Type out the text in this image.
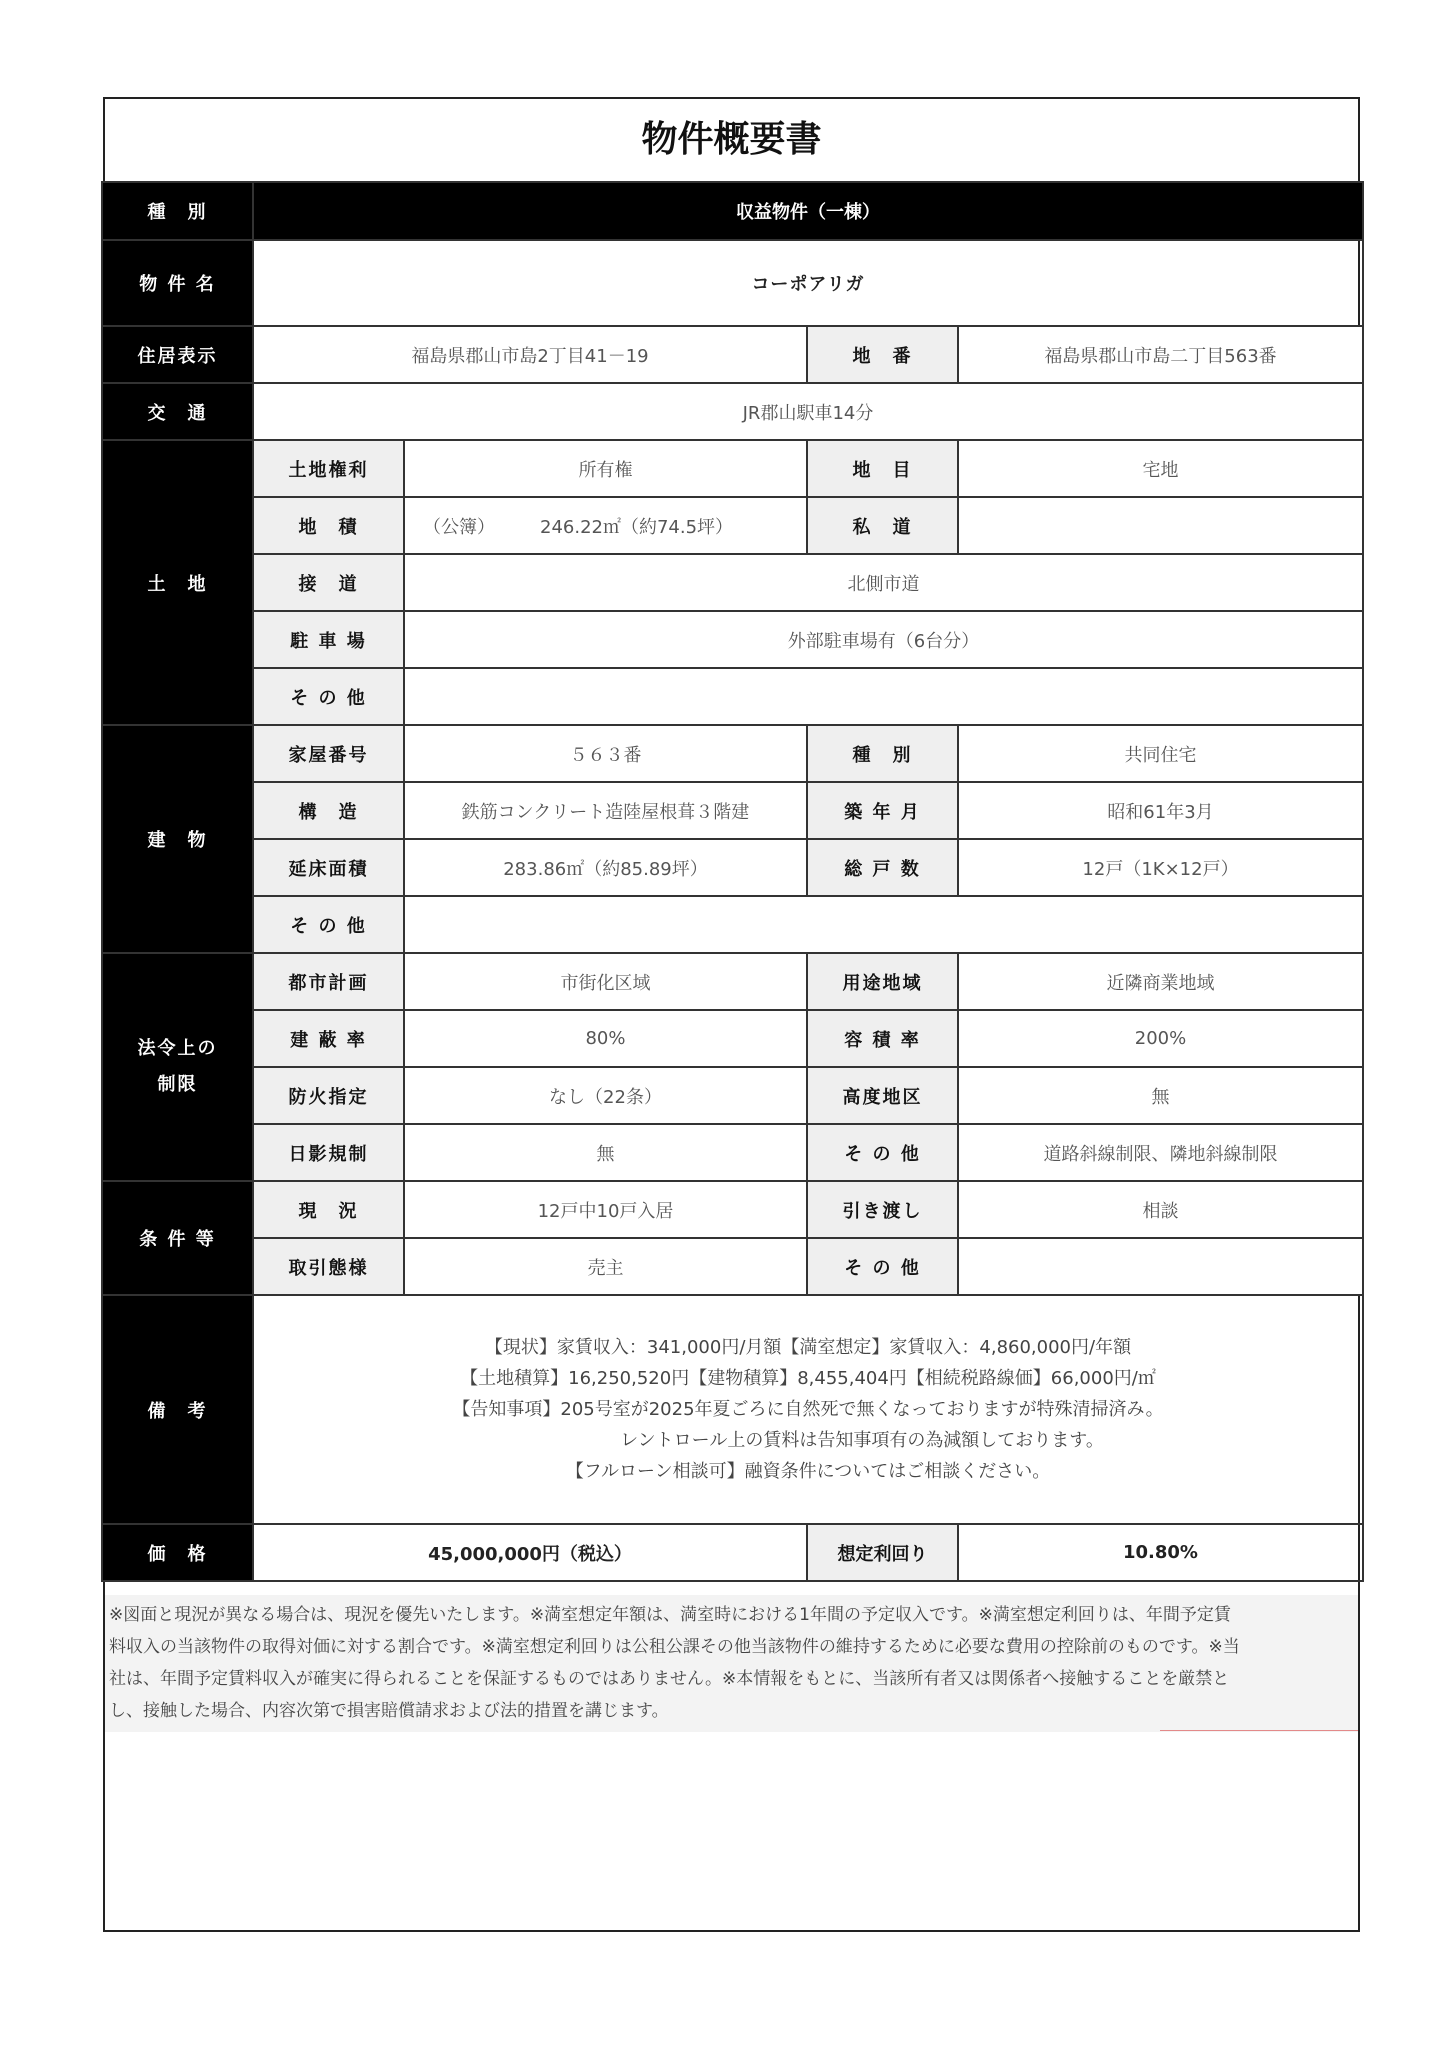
物件概要書
種　別	収益物件（一棟）			
物 件 名	コーポアリガ			
住居表示	福島県郡山市島2丁目41－19		地　番	福島県郡山市島二丁目563番
交　通	JR郡山駅車14分			
土　地	土地権利	所有権	地　目	宅地
	地　積	（公簿）　　　246.22㎡（約74.5坪）	私　道	
	接　道	北側市道		
	駐 車 場	外部駐車場有（6台分）		
	そ の 他			
建　物	家屋番号	５６３番	種　別	共同住宅
	構　造	鉄筋コンクリート造陸屋根葺３階建	築 年 月	昭和61年3月
	延床面積	283.86㎡（約85.89坪）	総 戸 数	12戸（1K×12戸）
	そ の 他			
法令上の
制限	都市計画	市街化区域	用途地域	近隣商業地域
	建 蔽 率	80%	容 積 率	200%
	防火指定	なし（22条）	高度地区	無
	日影規制	無	そ の 他	道路斜線制限、隣地斜線制限
条 件 等	現　況	12戸中10戸入居	引き渡し	相談
	取引態様	売主	そ の 他	
備　考	【現状】家賃収入：341,000円/月額【満室想定】家賃収入：4,860,000円/年額
【土地積算】16,250,520円【建物積算】8,455,404円【相続税路線価】66,000円/㎡
【告知事項】205号室が2025年夏ごろに自然死で無くなっておりますが特殊清掃済み。
　　　　　　レントロール上の賃料は告知事項有の為減額しております。
【フルローン相談可】融資条件についてはご相談ください。			

価　格	45,000,000円（税込）		想定利回り	10.80%
※図面と現況が異なる場合は、現況を優先いたします。※満室想定年額は、満室時における1年間の予定収入です。※満室想定利回りは、年間予定賃
料収入の当該物件の取得対価に対する割合です。※満室想定利回りは公租公課その他当該物件の維持するために必要な費用の控除前のものです。※当
社は、年間予定賃料収入が確実に得られることを保証するものではありません。※本情報をもとに、当該所有者又は関係者へ接触することを厳禁と
し、接触した場合、内容次第で損害賠償請求および法的措置を講じます。
